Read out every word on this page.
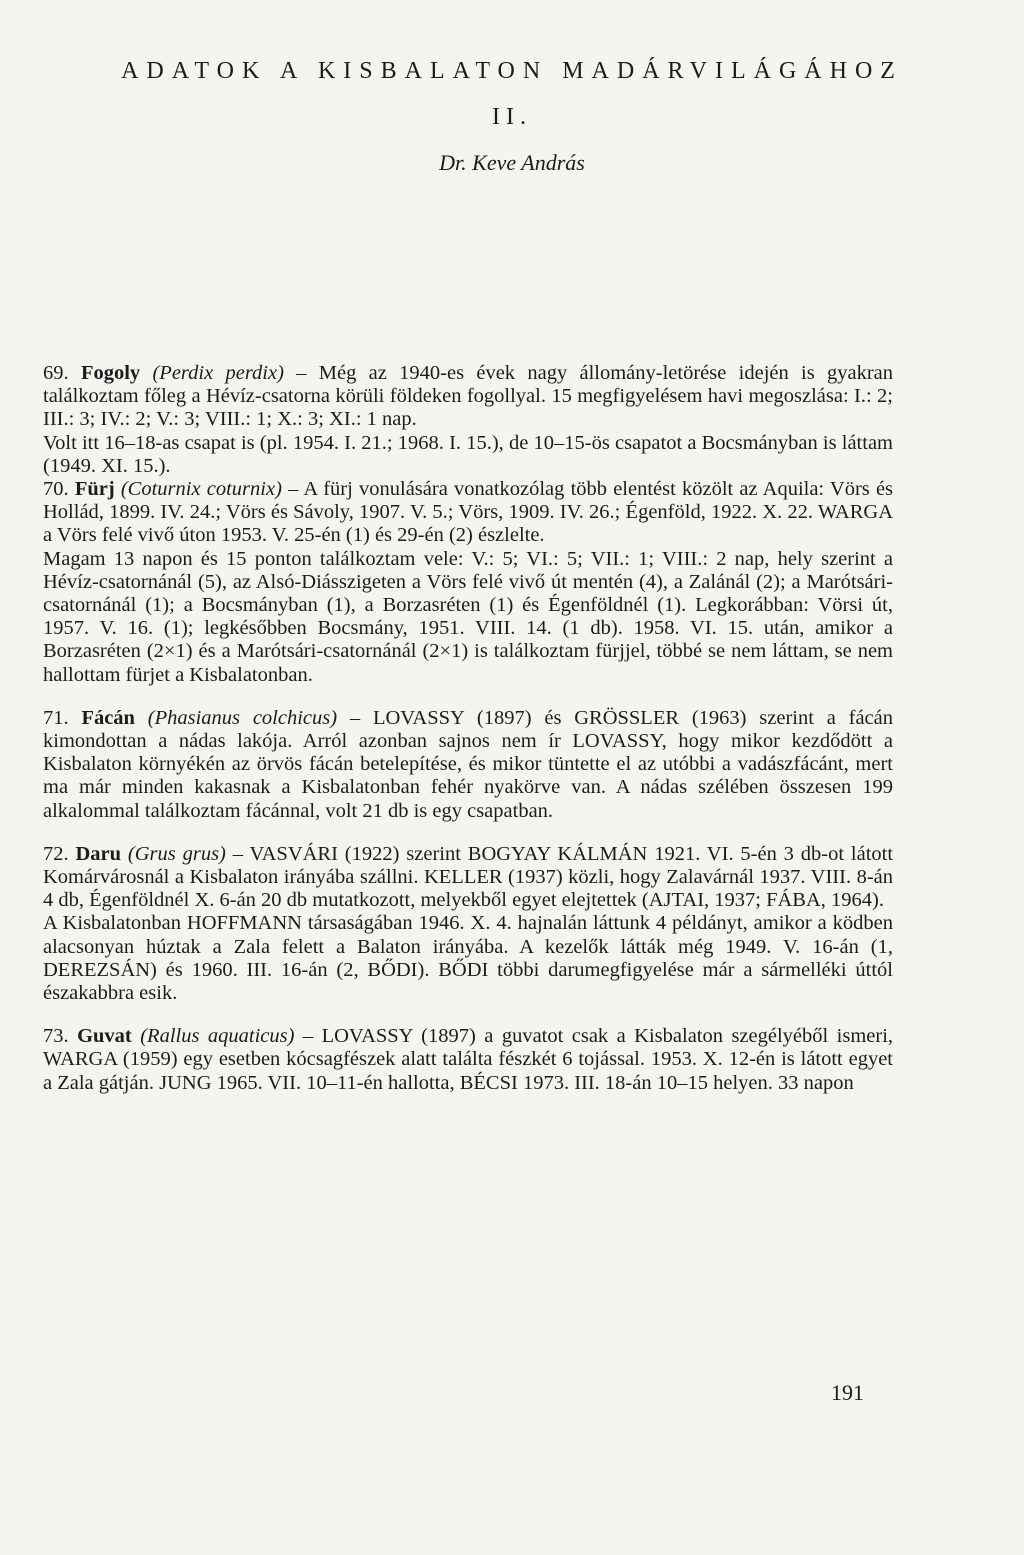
ADATOK A KISBALATON MADÁRVILÁGÁHOZ
II.
Dr. Keve András

69. Fogoly (Perdix perdix) – Még az 1940-es évek nagy állomány-letörése idején is gyakran találkoztam főleg a Hévíz-csatorna körüli földeken fogollyal. 15 megfigyelésem havi megoszlása: I.: 2; III.: 3; IV.: 2; V.: 3; VIII.: 1; X.: 3; XI.: 1 nap.

Volt itt 16–18-as csapat is (pl. 1954. I. 21.; 1968. I. 15.), de 10–15-ös csapatot a Bocsmányban is láttam (1949. XI. 15.).

70. Fürj (Coturnix coturnix) – A fürj vonulására vonatkozólag több elentést közölt az Aquila: Vörs és Hollád, 1899. IV. 24.; Vörs és Sávoly, 1907. V. 5.; Vörs, 1909. IV. 26.; Égenföld, 1922. X. 22. WARGA a Vörs felé vivő úton 1953. V. 25-én (1) és 29-én (2) észlelte.

Magam 13 napon és 15 ponton találkoztam vele: V.: 5; VI.: 5; VII.: 1; VIII.: 2 nap, hely szerint a Hévíz-csatornánál (5), az Alsó-Diásszigeten a Vörs felé vivő út mentén (4), a Zalánál (2); a Marótsári-csatornánál (1); a Bocsmányban (1), a Borzasréten (1) és Égenföldnél (1). Legkorábban: Vörsi út, 1957. V. 16. (1); legkésőbben Bocsmány, 1951. VIII. 14. (1 db). 1958. VI. 15. után, amikor a Borzasréten (2×1) és a Marótsári-csatornánál (2×1) is találkoztam fürjjel, többé se nem láttam, se nem hallottam fürjet a Kisbalatonban.

71. Fácán (Phasianus colchicus) – LOVASSY (1897) és GRÖSSLER (1963) szerint a fácán kimondottan a nádas lakója. Arról azonban sajnos nem ír LOVASSY, hogy mikor kezdődött a Kisbalaton környékén az örvös fácán betelepítése, és mikor tüntette el az utóbbi a vadászfácánt, mert ma már minden kakasnak a Kisbalatonban fehér nyakörve van. A nádas szélében összesen 199 alkalommal találkoztam fácánnal, volt 21 db is egy csapatban.

72. Daru (Grus grus) – VASVÁRI (1922) szerint BOGYAY KÁLMÁN 1921. VI. 5-én 3 db-ot látott Komárvárosnál a Kisbalaton irányába szállni. KELLER (1937) közli, hogy Zalavárnál 1937. VIII. 8-án 4 db, Égenföldnél X. 6-án 20 db mutatkozott, melyekből egyet elejtettek (AJTAI, 1937; FÁBA, 1964).

A Kisbalatonban HOFFMANN társaságában 1946. X. 4. hajnalán láttunk 4 példányt, amikor a ködben alacsonyan húztak a Zala felett a Balaton irányába. A kezelők látták még 1949. V. 16-án (1, DEREZSÁN) és 1960. III. 16-án (2, BŐDI). BŐDI többi darumegfigyelése már a sármelléki úttól északabbra esik.

73. Guvat (Rallus aquaticus) – LOVASSY (1897) a guvatot csak a Kisbalaton szegélyéből ismeri, WARGA (1959) egy esetben kócsagfészek alatt találta fészkét 6 tojással. 1953. X. 12-én is látott egyet a Zala gátján. JUNG 1965. VII. 10–11-én hallotta, BÉCSI 1973. III. 18-án 10–15 helyen. 33 napon

191
